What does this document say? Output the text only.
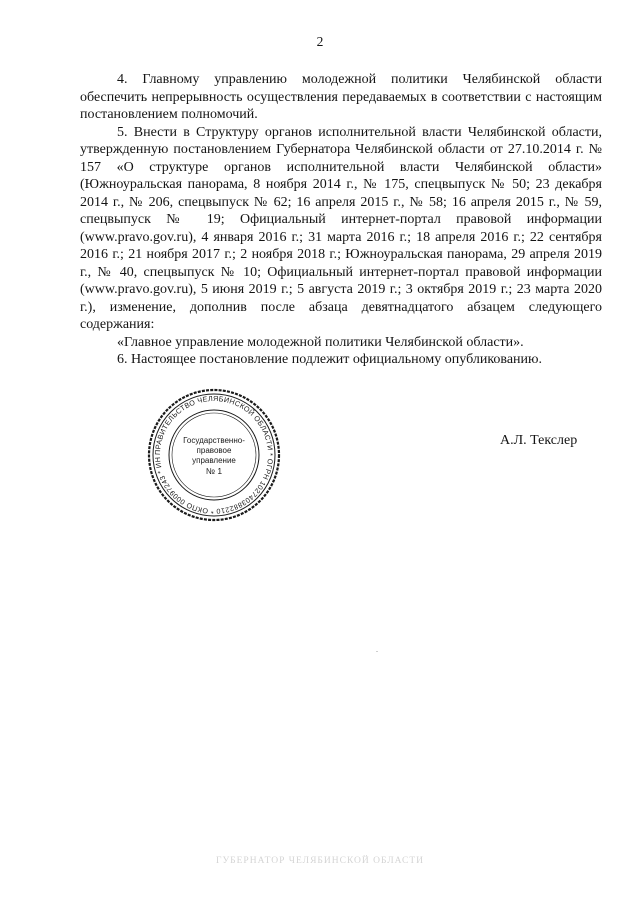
2

4. Главному управлению молодежной политики Челябинской области обеспечить непрерывность осуществления передаваемых в соответствии с настоящим постановлением полномочий.

5. Внести в Структуру органов исполнительной власти Челябинской области, утвержденную постановлением Губернатора Челябинской области от 27.10.2014 г. № 157 «О структуре органов исполнительной власти Челябинской области» (Южноуральская панорама, 8 ноября 2014 г., № 175, спецвыпуск № 50; 23 декабря 2014 г., № 206, спецвыпуск № 62; 16 апреля 2015 г., № 58; 16 апреля 2015 г., № 59, спецвыпуск № 19; Официальный интернет-портал правовой информации (www.pravo.gov.ru), 4 января 2016 г.; 31 марта 2016 г.; 18 апреля 2016 г.; 22 сентября 2016 г.; 21 ноября 2017 г.; 2 ноября 2018 г.; Южноуральская панорама, 29 апреля 2019 г., № 40, спецвыпуск № 10; Официальный интернет-портал правовой информации (www.pravo.gov.ru), 5 июня 2019 г.; 5 августа 2019 г.; 3 октября 2019 г.; 23 марта 2020 г.), изменение, дополнив после абзаца девятнадцатого абзацем следующего содержания:

«Главное управление молодежной политики Челябинской области».

6. Настоящее постановление подлежит официальному опубликованию.

ПРАВИТЕЛЬСТВО ЧЕЛЯБИНСКОЙ ОБЛАСТИ * ОГРН 1027403882210 * ОКПО 00097243 * ИН
Государственно-
правовое
управление
№ 1
А.Л. Текслер
ГУБЕРНАТОР ЧЕЛЯБИНСКОЙ ОБЛАСТИ
